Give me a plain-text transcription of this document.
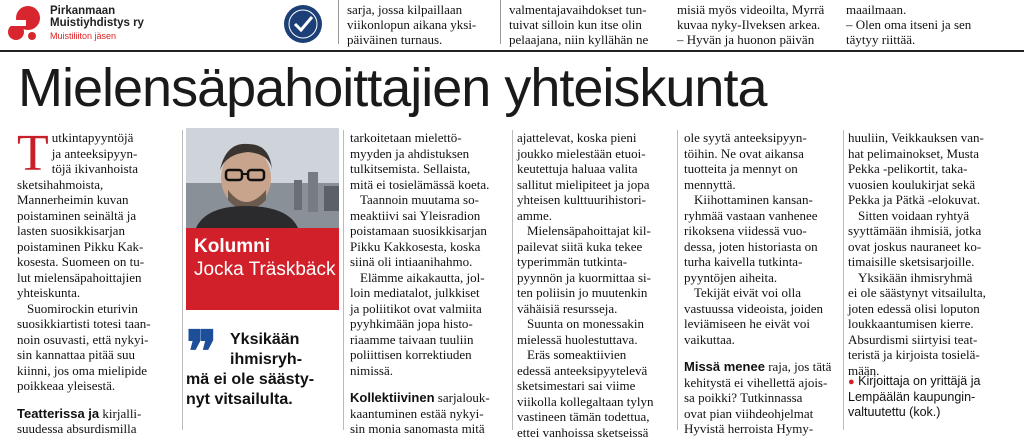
Pirkanmaan
Muistiyhdistys ry
Muistiliiton jäsen
sarja, jossa kilpaillaan
viikonlopun aikana yksi-
päiväinen turnaus.
valmentajavaihdokset tun-
tuivat silloin kun itse olin
pelaajana, niin kyllähän ne
misiä myös videoilta, Myrrä
kuvaa nyky-Ilveksen arkea.
– Hyvän ja huonon päivän
maailmaan.
– Olen oma itseni ja sen
täytyy riittää.
Mielensäpahoittajien yhteiskunta

T utkintapyyntöjä
ja anteeksipyyn-
töjä ikivanhoista
sketsihahmoista,
Mannerheimin kuvan
poistaminen seinältä ja
lasten suosikkisarjan
poistaminen Pikku Kak-
kosesta. Suomeen on tu-
lut mielensäpahoittajien
yhteiskunta.

Suomirockin eturivin
suosikkiartisti totesi taan-
noin osuvasti, että nykyi-
sin kannattaa pitää suu
kiinni, jos oma mielipide
poikkeaa yleisestä.

Teatterissa ja kirjalli-
suudessa absurdismilla

Kolumni
Jocka Träskbäck
❞ Yksikään
ihmisryh-
mä ei ole säästy-
nyt vitsailulta.

tarkoitetaan mielettö-
myyden ja ahdistuksen
tulkitsemista. Sellaista,
mitä ei tosielämässä koeta.
Taannoin muutama so-
meaktiivi sai Yleisradion
poistamaan suosikkisarjan
Pikku Kakkosesta, koska
siinä oli intiaanihahmo.

Elämme aikakautta, jol-
loin mediatalot, julkkiset
ja poliitikot ovat valmiita
pyyhkimään jopa histo-
riaamme taivaan tuuliin
poliittisen korrektiuden
nimissä.

Kollektiivinen sarjalouk-
kaantuminen estää nykyi-
sin monia sanomasta mitä

ajattelevat, koska pieni
joukko mielestään etuoi-
keutettuja haluaa valita
sallitut mielipiteet ja jopa
yhteisen kulttuurihistori-
amme.

Mielensäpahoittajat kil-
pailevat siitä kuka tekee
typerimmän tutkinta-
pyynnön ja kuormittaa si-
ten poliisin jo muutenkin
vähäisiä resursseja.

Suunta on monessakin
mielessä huolestuttava.

Eräs someaktiivien
edessä anteeksipyytelevä
sketsimestari sai viime
viikolla kollegaltaan tylyn
vastineen tämän todettua,
ettei vanhoissa sketseissä

ole syytä anteeksipyyn-
töihin. Ne ovat aikansa
tuotteita ja mennyt on
mennyttä.

Kiihottaminen kansan-
ryhmää vastaan vanhenee
rikoksena viidessä vuo-
dessa, joten historiasta on
turha kaivella tutkinta-
pyyntöjen aiheita.

Tekijät eivät voi olla
vastuussa videoista, joiden
leviämiseen he eivät voi
vaikuttaa.

Missä menee raja, jos tätä
kehitystä ei vihellettä ajois-
sa poikki? Tutkinnassa
ovat pian viihdeohjelmat
Hyvistä herroista Hymy-

huuliin, Veikkauksen van-
hat pelimainokset, Musta
Pekka -pelikortit, taka-
vuosien koulukirjat sekä
Pekka ja Pätkä -elokuvat.

Sitten voidaan ryhtyä
syyttämään ihmisiä, jotka
ovat joskus nauraneet ko-
timaisille sketsisarjoille.

Yksikään ihmisryhmä
ei ole säästynyt vitsailulta,
joten edessä olisi loputon
loukkaantumisen kierre.
Absurdismi siirtyisi teat-
teristä ja kirjoista tosielä-
mään.

● Kirjoittaja on yrittäjä ja
Lempäälän kaupungin-
valtuutettu (kok.)
